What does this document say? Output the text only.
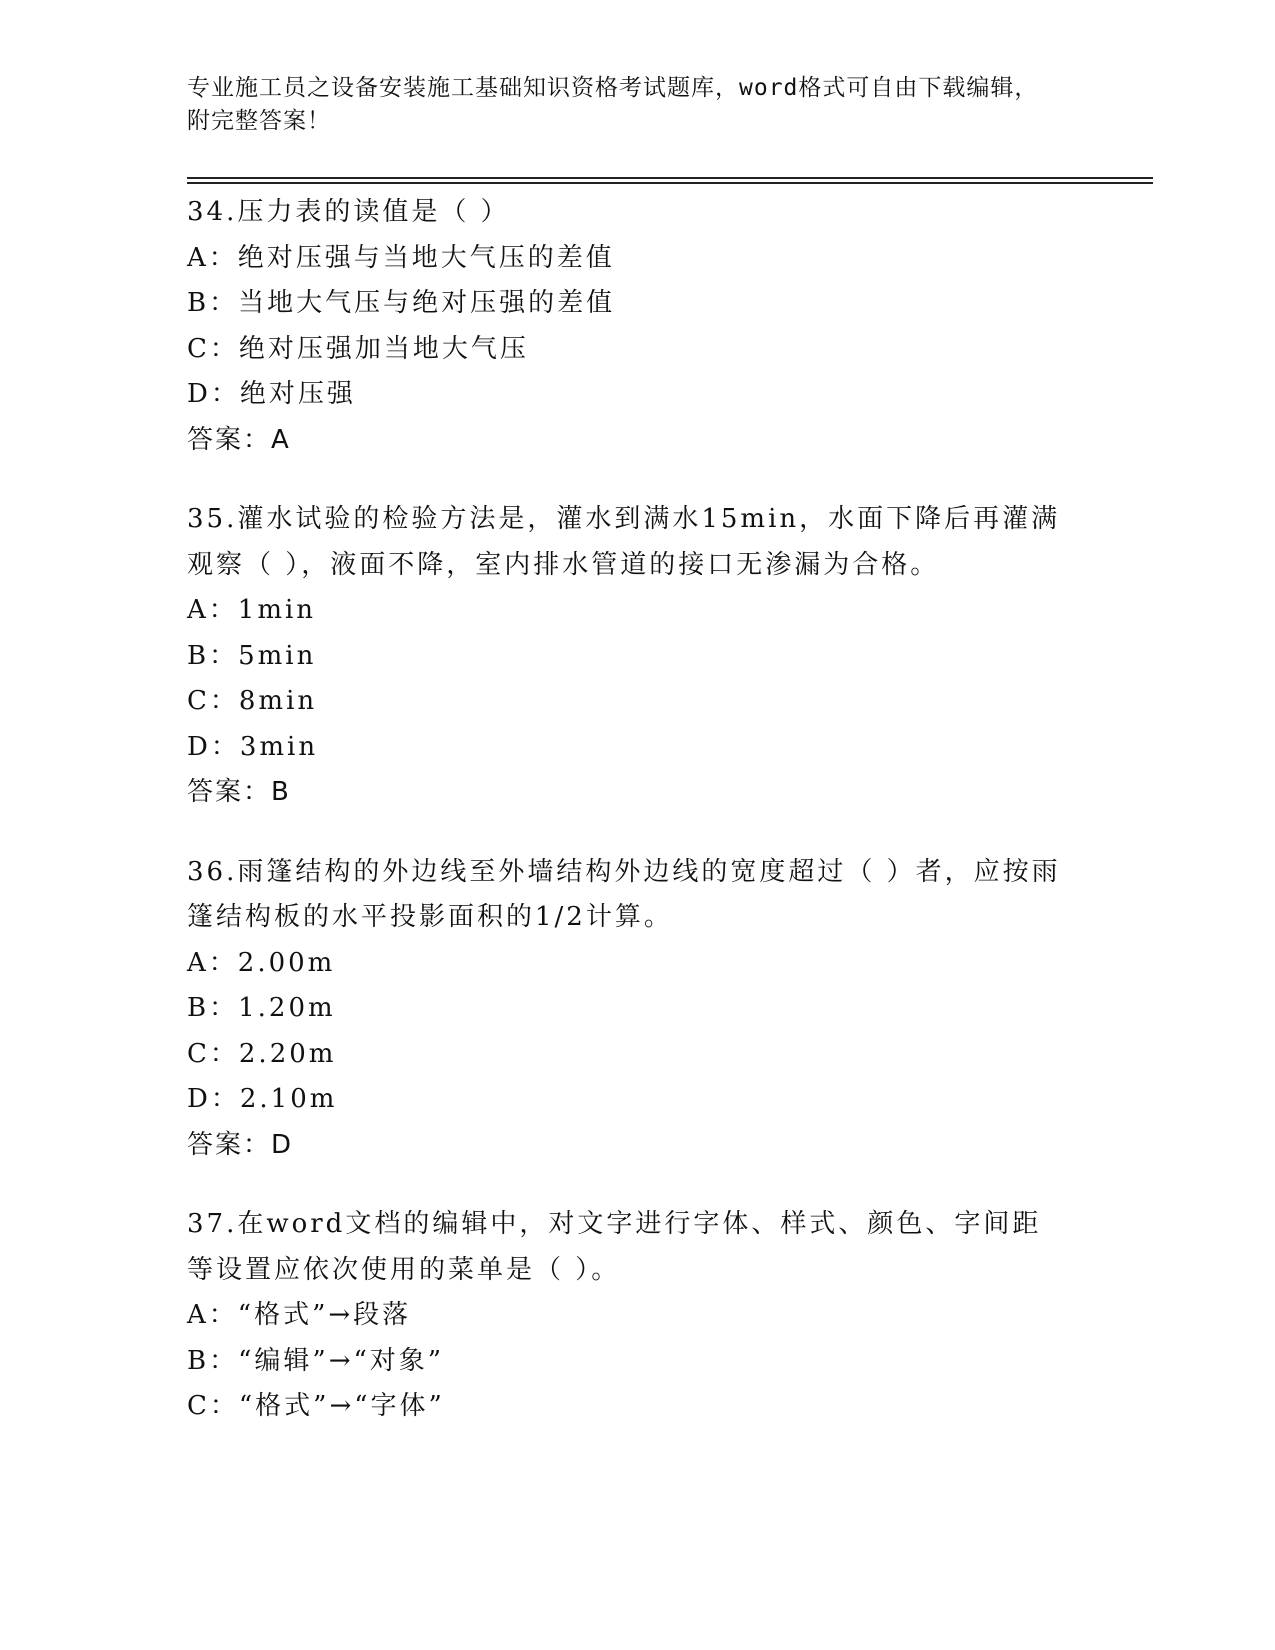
专业施工员之设备安装施工基础知识资格考试题库，word格式可自由下载编辑，
附完整答案！
34.压力表的读值是（ ）
A：绝对压强与当地大气压的差值
B：当地大气压与绝对压强的差值
C：绝对压强加当地大气压
D：绝对压强
答案：A
35.灌水试验的检验方法是，灌水到满水15min，水面下降后再灌满观察（ ），液面不降，室内排水管道的接口无渗漏为合格。
A：1min
B：5min
C：8min
D：3min
答案：B
36.雨篷结构的外边线至外墙结构外边线的宽度超过（ ）者，应按雨篷结构板的水平投影面积的1/2计算。
A：2.00m
B：1.20m
C：2.20m
D：2.10m
答案：D
37.在word文档的编辑中，对文字进行字体、样式、颜色、字间距等设置应依次使用的菜单是（ ）。
A：“格式”→段落
B：“编辑”→“对象”
C：“格式”→“字体”
